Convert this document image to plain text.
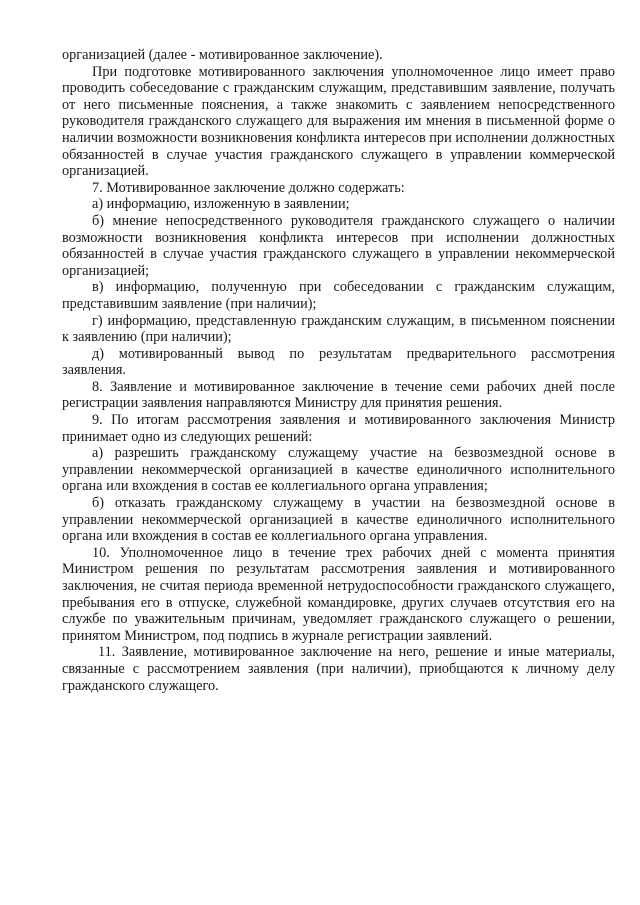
организацией (далее - мотивированное заключение).

При подготовке мотивированного заключения уполномоченное лицо имеет право проводить собеседование с гражданским служащим, представившим заявление, получать от него письменные пояснения, а также знакомить с заявлением непосредственного руководителя гражданского служащего для выражения им мнения в письменной форме о наличии возможности возникновения конфликта интересов при исполнении должностных обязанностей в случае участия гражданского служащего в управлении коммерческой организацией.

7. Мотивированное заключение должно содержать:

а) информацию, изложенную в заявлении;

б) мнение непосредственного руководителя гражданского служащего о наличии возможности возникновения конфликта интересов при исполнении должностных обязанностей в случае участия гражданского служащего в управлении некоммерческой организацией;

в) информацию, полученную при собеседовании с гражданским служащим, представившим заявление (при наличии);

г) информацию, представленную гражданским служащим, в письменном пояснении к заявлению (при наличии);

д) мотивированный вывод по результатам предварительного рассмотрения заявления.

8. Заявление и мотивированное заключение в течение семи рабочих дней после регистрации заявления направляются Министру для принятия решения.

9. По итогам рассмотрения заявления и мотивированного заключения Министр принимает одно из следующих решений:

а) разрешить гражданскому служащему участие на безвозмездной основе в управлении некоммерческой организацией в качестве единоличного исполнительного органа или вхождения в состав ее коллегиального органа управления;

б) отказать гражданскому служащему в участии на безвозмездной основе в управлении некоммерческой организацией в качестве единоличного исполнительного органа или вхождения в состав ее коллегиального органа управления.

10. Уполномоченное лицо в течение трех рабочих дней с момента принятия Министром решения по результатам рассмотрения заявления и мотивированного заключения, не считая периода временной нетрудоспособности гражданского служащего, пребывания его в отпуске, служебной командировке, других случаев отсутствия его на службе по уважительным причинам, уведомляет гражданского служащего о решении, принятом Министром, под подпись в журнале регистрации заявлений.

11. Заявление, мотивированное заключение на него, решение и иные материалы, связанные с рассмотрением заявления (при наличии), приобщаются к личному делу гражданского служащего.
